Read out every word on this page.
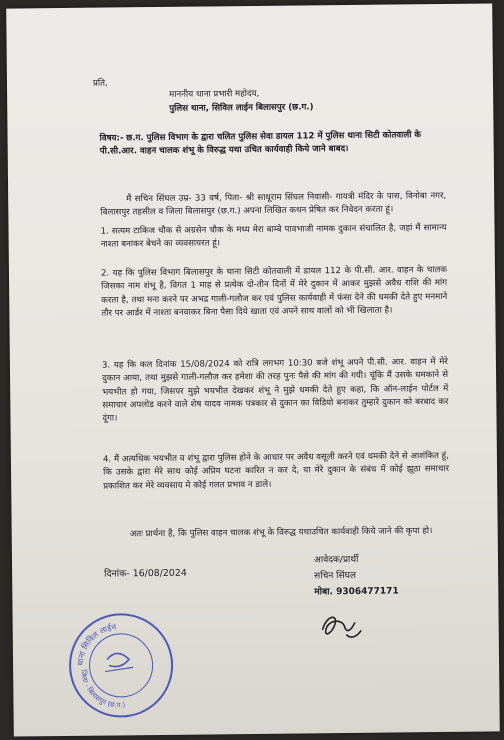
प्रति,
माननीय थाना प्रभारी महोदय,
पुलिस थाना, सिविल लाईन बिलासपुर (छ.ग.)
विषय:- छ.ग. पुलिस विभाग के द्वारा चलित पुलिस सेवा डायल 112 में पुलिस थाना सिटी कोतवाली के पी.सी.आर. वाहन चालक शंभू के विरुद्ध यथा उचित कार्यवाही किये जाने बाबद।
मैं सचिन सिंघल उम्र- 33 वर्ष, पिता- श्री साधूराम सिंघल निवासी- गायत्री मंदिर के पास, विनोबा नगर, बिलासपुर तहसील व जिला बिलासपुर (छ.ग.) अपना लिखित कथन प्रेषित कर निवेदन करता हूं।
1. सत्यम टाकिज चौक से अग्रसेन चौक के मध्य मेरा बाम्बे पावभाजी नामक दुकान संचालित है, जहां मैं सामान्य नाश्ता बनाकर बेचने का व्यवसायरत हूं।
2. यह कि पुलिस विभाग बिलासपुर के थाना सिटी कोतवाली में डायल 112 के पी.सी. आर. वाहन के चालक जिसका नाम शंभू है, विगत 1 माह से प्रत्येक दो-तीन दिनों में मेरे दुकान में आकर मुझसे अवैध राशि की मांग करता है, तथा मना करने पर अभद्र गाली-गलौज कर एवं पुलिस कार्यवाही में फंसा देने की धमकी देते हुए मनमाने तौर पर आर्डर में नाश्ता बनवाकर बिना पैसा दिये खाता एवं अपने साथ वालों को भी खिलाता है।
3. यह कि कल दिनांक 15/08/2024 को रात्रि लगभग 10:30 बजे शंभू अपने पी.सी. आर. वाहन में मेरे दुकान आया, तथा मुझसे गाली-गलौज कर हमेशा की तरह पुनः पैसे की मांग की गयी। चूंकि मैं उसके धमकाने से भयभीत हो गया, जिसपर मुझे भयभीत देखकर शंभू ने मुझे धमकी देते हुए कहा, कि ऑन-लाईन पोर्टल में समाचार अपलोड करने वाले शेष यादव नामक पत्रकार से दुकान का विडियो बनाकर तुम्हारे दुकान को बरबाद कर दूंगा।
4. मैं अत्यधिक भयभीत व शंभू द्वारा पुलिस होने के आधार पर अवैध वसूली करने एवं धमकी देने से आशंकित हूं, कि उसके द्वारा मेरे साथ कोई अप्रिय घटना कारित न कर दे, या मेरे दुकान के संबंध में कोई झूठा समाचार प्रकाशित कर मेरे व्यवसाय मे कोई गलत प्रभाव न डाले।
अतः प्रार्थना है, कि पुलिस वाहन चालक शंभू के विरुद्ध यथाउचित कार्यवाही किये जाने की कृपा हो।
दिनांक- 16/08/2024
आवेदक/प्रार्थी
सचिन सिंघल
मोबा. 9306477171
थाना सिविल लाईन
जिला - बिलासपुर (छ.ग.)
